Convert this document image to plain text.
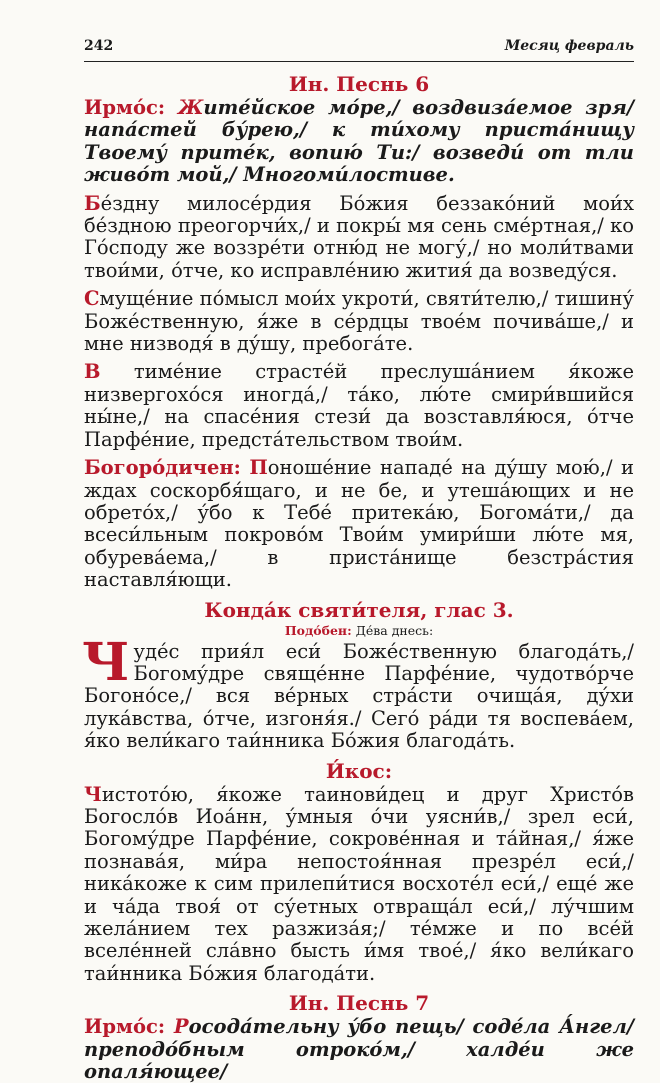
242	Месяц февраль
Ин. Песнь 6

Ирмо́с: Жите́йское мо́ре,/ воздвиза́емое зря/ напа́стей бу́рею,/ к ти́хому приста́нищу Твоему́ прите́к, вопию́ Ти:/ возведи́ от тли живо́т мой,/ Многоми́лостиве.

Бе́здну милосе́рдия Бо́жия беззако́ний мои́х бе́здною преогорчи́х,/ и покры́ мя сень сме́ртная,/ ко Го́споду же воззре́ти отню́д не могу́,/ но моли́твами твои́ми, о́тче, ко исправле́нию жития́ да возведу́ся.

Смуще́ние по́мысл мои́х укроти́, святи́телю,/ тишину́ Боже́ственную, я́же в се́рдцы твое́м почива́ше,/ и мне низводя́ в ду́шу, пребога́те.

В тиме́ние страсте́й преслуша́нием я́коже низвергохо́ся иногда́,/ та́ко, лю́те смири́вшийся ны́не,/ на спасе́ния стези́ да возставля́юся, о́тче Парфе́ние, предста́тельством твои́м.

Богоро́дичен: Поноше́ние нападе́ на ду́шу мою́,/ и ждах соскорбя́щаго, и не бе, и утеша́ющих и не обрето́х,/ у́бо к Тебе́ притека́ю, Богома́ти,/ да всеси́льным покрово́м Твои́м умири́ши лю́те мя, обурева́ема,/ в приста́нище безстра́стия наставля́ющи.

Конда́к святи́теля, глас 3.
Подо́бен: Де́ва днесь:

Чуде́с прия́л еси́ Боже́ственную благода́ть,/ Богому́дре свяще́нне Парфе́ние, чудотво́рче Богоно́се,/ вся ве́рных стра́сти очища́я, ду́хи лука́вства, о́тче, изгоня́я./ Сего́ ра́ди тя воспева́ем, я́ко вели́каго таи́нника Бо́жия благода́ть.

И́кос:

Чистото́ю, я́коже таинови́дец и друг Христо́в Богосло́в Иоа́нн, у́мныя о́чи уясни́в,/ зрел еси́, Богому́дре Парфе́ние, сокрове́нная и та́йная,/ я́же познава́я, ми́ра непостоя́нная презре́л еси́,/ ника́коже к сим прилепи́тися восхоте́л еси́,/ еще́ же и ча́да твоя́ от су́етных отвраща́л еси́,/ лу́чшим жела́нием тех разжиза́я;/ те́мже и по все́й вселе́нней сла́вно бысть и́мя твое́,/ я́ко вели́каго таи́нника Бо́жия благода́ти.

Ин. Песнь 7

Ирмо́с: Росода́тельну у́бо пещь/ соде́ла А́нгел/ преподо́бным отроко́м,/ халде́и же опаля́ющее/
